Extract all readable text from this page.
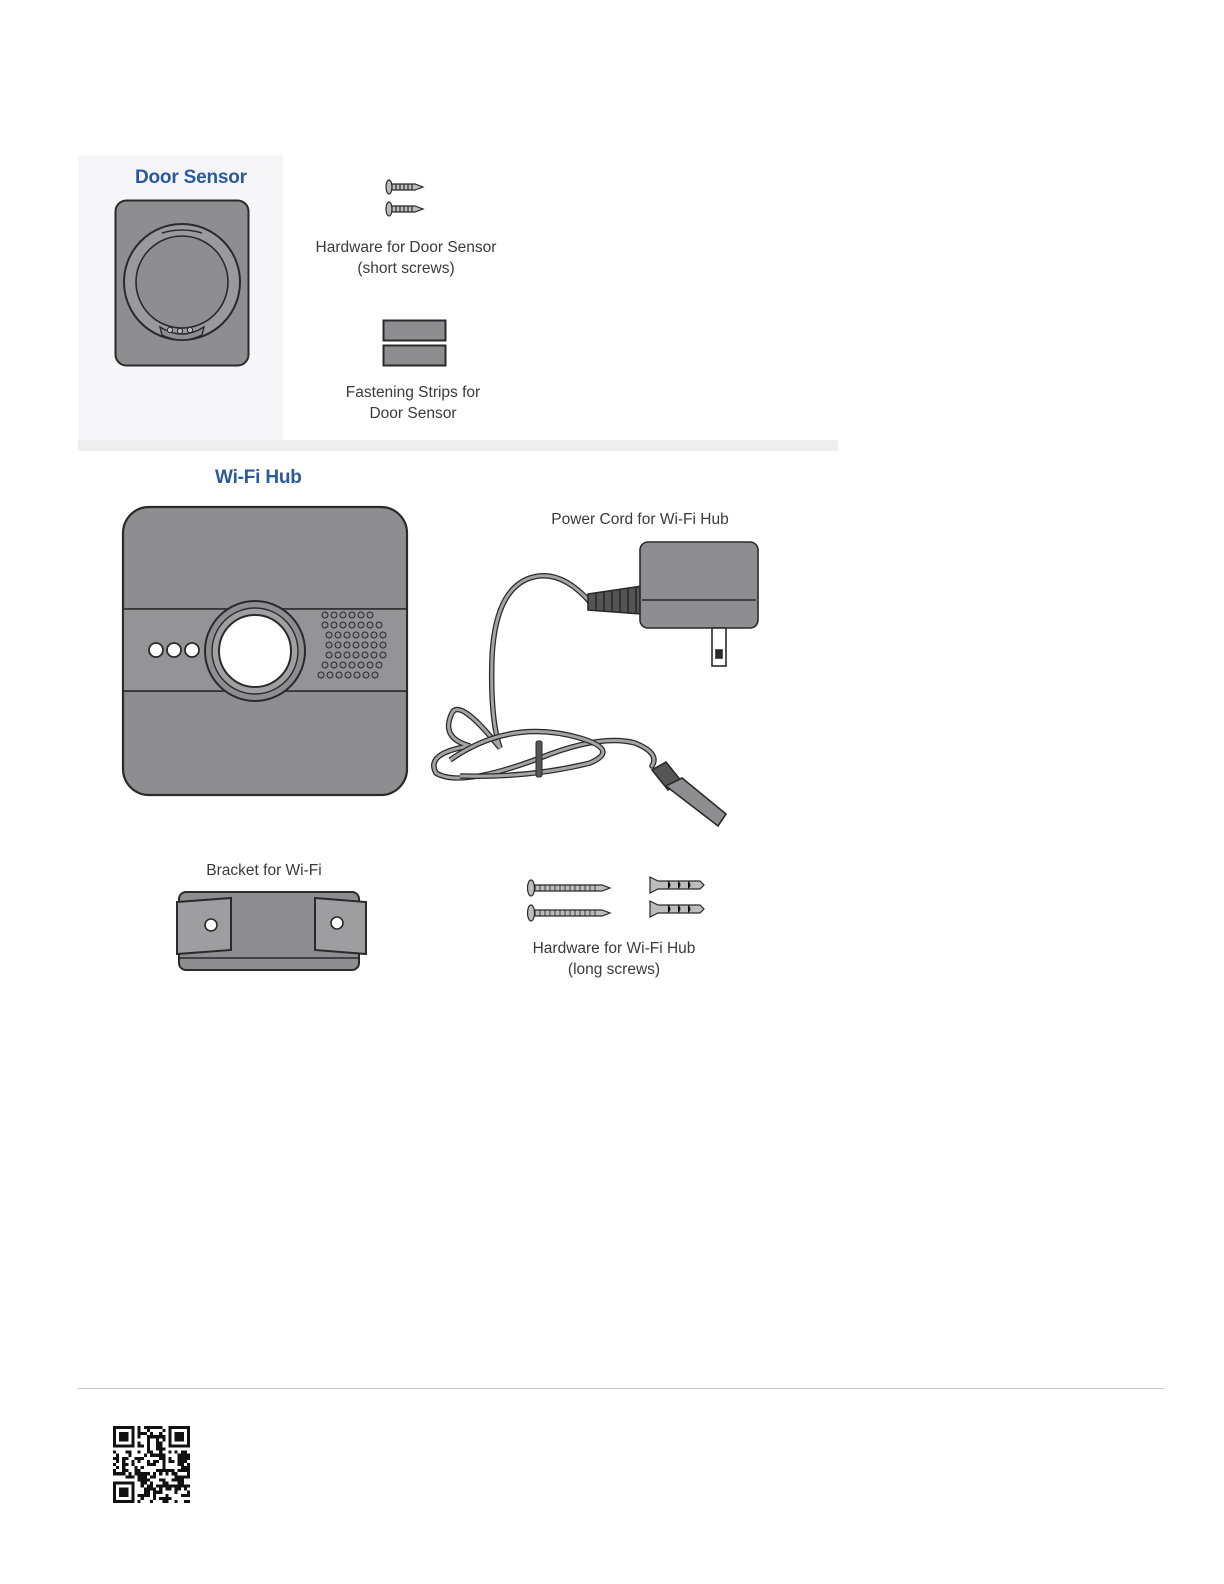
Door Sensor
Hardware for Door Sensor
(short screws)
Fastening Strips for
Door Sensor
Wi-Fi Hub
Power Cord for Wi-Fi Hub
Bracket for Wi-Fi
Hardware for Wi-Fi Hub
(long screws)
